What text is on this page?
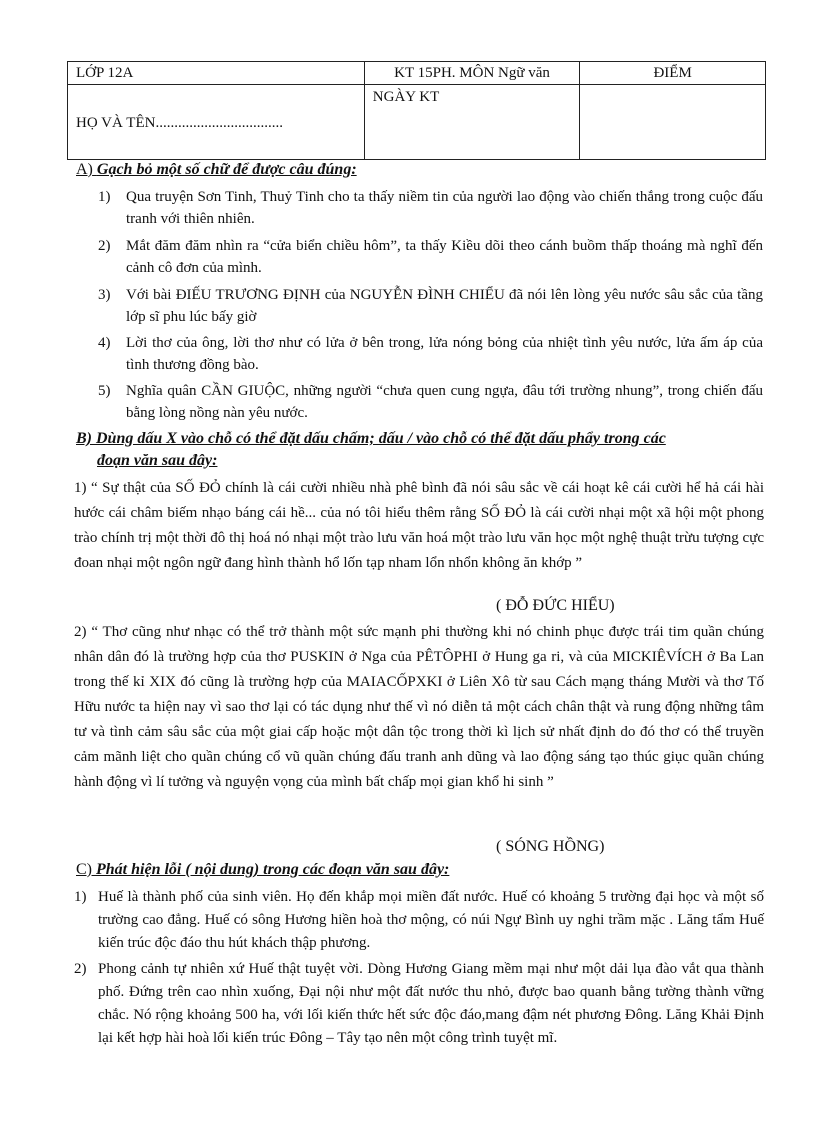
LỚP 12A	KT 15PH. MÔN Ngữ văn	ĐIỂM

HỌ VÀ TÊN..................................	NGÀY KT	

A) Gạch bỏ một số chữ để được câu đúng:
1) Qua truyện Sơn Tinh, Thuỷ Tinh cho ta thấy niềm tin của người lao động vào chiến thắng trong cuộc đấu tranh với thiên nhiên.
2) Mắt đăm đăm nhìn ra “cửa biển chiều hôm”, ta thấy Kiều dõi theo cánh buồm thấp thoáng mà nghĩ đến cảnh cô đơn của mình.
3) Với bài ĐIẾU TRƯƠNG ĐỊNH của NGUYỄN ĐÌNH CHIỂU đã nói lên lòng yêu nước sâu sắc của tầng lớp sĩ phu lúc bấy giờ
4) Lời thơ của ông, lời thơ như có lửa ở bên trong, lửa nóng bỏng của nhiệt tình yêu nước, lửa ấm áp của tình thương đồng bào.
5) Nghĩa quân CẦN GIUỘC, những người “chưa quen cung ngựa, đâu tới trường nhung”, trong chiến đấu bằng lòng nồng nàn yêu nước.
B) Dùng dấu X vào chỗ có thể đặt dấu chấm; dấu / vào chỗ có thể đặt dấu phẩy trong các
đoạn văn sau đây:
1) “ Sự thật của SỐ ĐỎ chính là cái cười nhiều nhà phê bình đã nói sâu sắc về cái hoạt kê cái cười hể hả cái hài hước cái châm biếm nhạo báng cái hề... của nó tôi hiểu thêm rằng SỐ ĐỎ là cái cười nhại một xã hội một phong trào chính trị một thời đô thị hoá nó nhại một trào lưu văn hoá một trào lưu văn học một nghệ thuật trừu tượng cực đoan nhại một ngôn ngữ đang hình thành hổ lốn tạp nham lổn nhổn không ăn khớp ”
( ĐỖ ĐỨC HIỂU)
2) “ Thơ cũng như nhạc có thể trở thành một sức mạnh phi thường khi nó chinh phục được trái tim quần chúng nhân dân đó là trường hợp của thơ PUSKIN ở Nga của PÊTÔPHI ở Hung ga ri, và của MICKIÊVÍCH ở Ba Lan trong thế kỉ XIX đó cũng là trường hợp của MAIACỐPXKI ở Liên Xô từ sau Cách mạng tháng Mười và thơ Tố Hữu nước ta hiện nay vì sao thơ lại có tác dụng như thế vì nó diễn tả một cách chân thật và rung động những tâm tư và tình cảm sâu sắc của một giai cấp hoặc một dân tộc trong thời kì lịch sử nhất định do đó thơ có thể truyền cảm mãnh liệt cho quần chúng cổ vũ quần chúng đấu tranh anh dũng và lao động sáng tạo thúc giục quần chúng hành động vì lí tưởng và nguyện vọng của mình bất chấp mọi gian khổ hi sinh ”
( SÓNG HỒNG)
C) Phát hiện lỗi ( nội dung) trong các đoạn văn sau đây:
1) Huế là thành phố của sinh viên. Họ đến khắp mọi miền đất nước. Huế có khoảng 5 trường đại học và một số trường cao đẳng. Huế có sông Hương hiền hoà thơ mộng, có núi Ngự Bình uy nghi trầm mặc . Lăng tẩm Huế kiến trúc độc đáo thu hút khách thập phương.
2) Phong cảnh tự nhiên xứ Huế thật tuyệt vời. Dòng Hương Giang mềm mại như một dải lụa đào vắt qua thành phố. Đứng trên cao nhìn xuống, Đại nội như một đất nước thu nhỏ, được bao quanh bằng tường thành vững chắc. Nó rộng khoảng 500 ha, với lối kiến thức hết sức độc đáo,mang đậm nét phương Đông. Lăng Khải Định lại kết hợp hài hoà lối kiến trúc Đông – Tây tạo nên một công trình tuyệt mĩ.
